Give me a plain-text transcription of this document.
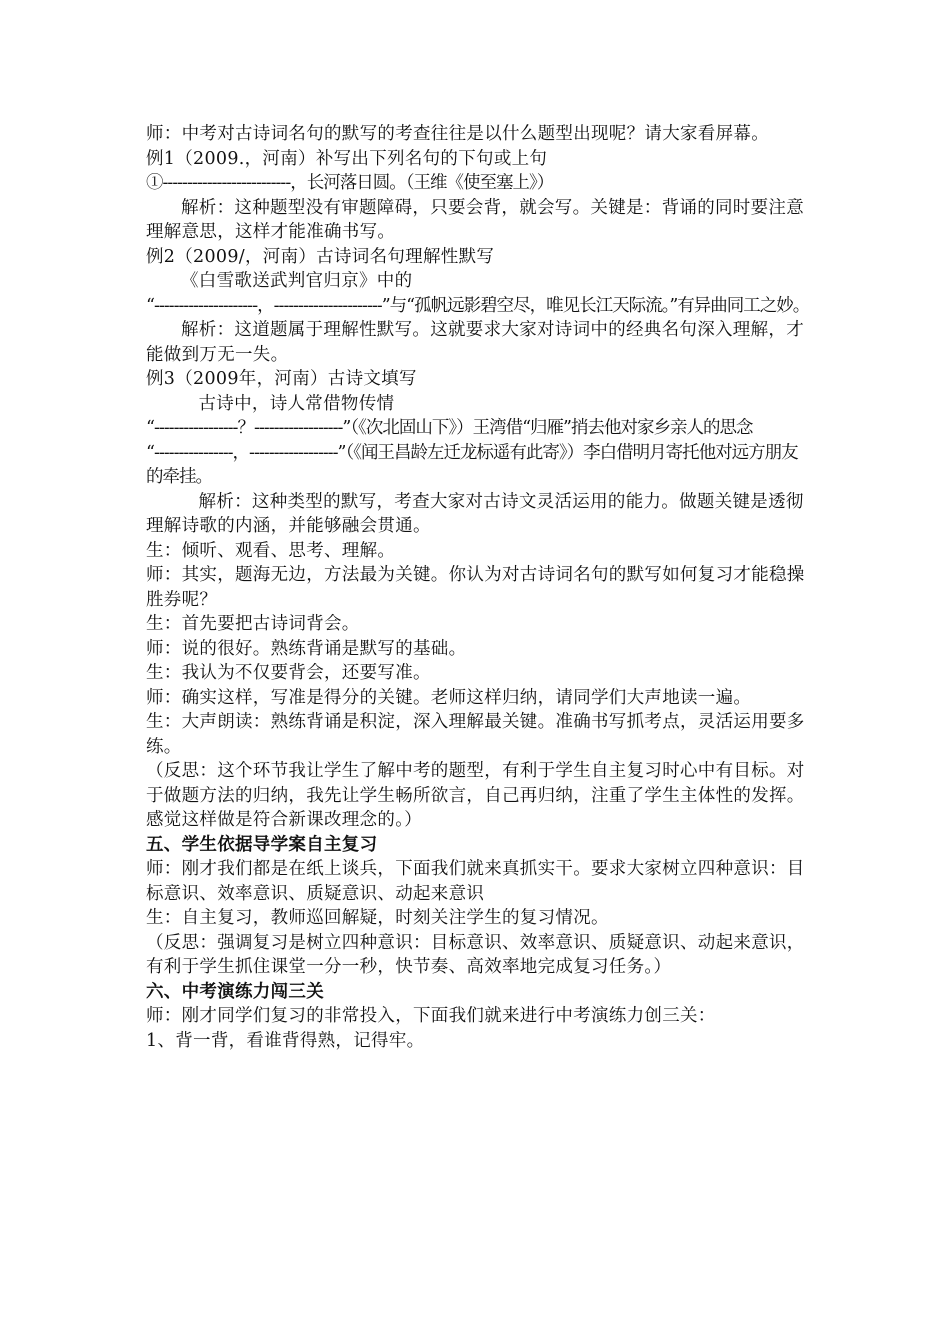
师：中考对古诗词名句的默写的考查往往是以什么题型出现呢？请大家看屏幕。

例1（2009.，河南）补写出下列名句的下句或上句

①--------------------------，长河落日圆。（王维《使至塞上》）

解析：这种题型没有审题障碍，只要会背，就会写。关键是：背诵的同时要注意理解意思，这样才能准确书写。

例2（2009/，河南）古诗词名句理解性默写

《白雪歌送武判官归京》中的

“---------------------，----------------------”与“孤帆远影碧空尽，唯见长江天际流。”有异曲同工之妙。

解析：这道题属于理解性默写。这就要求大家对诗词中的经典名句深入理解，才能做到万无一失。

例3（2009年，河南）古诗文填写

古诗中，诗人常借物传情

“-----------------？------------------”（《次北固山下》）王湾借“归雁”捎去他对家乡亲人的思念

“----------------，------------------”（《闻王昌龄左迁龙标遥有此寄》）李白借明月寄托他对远方朋友的牵挂。

解析：这种类型的默写，考查大家对古诗文灵活运用的能力。做题关键是透彻理解诗歌的内涵，并能够融会贯通。

生：倾听、观看、思考、理解。

师：其实，题海无边，方法最为关键。你认为对古诗词名句的默写如何复习才能稳操胜券呢？

生：首先要把古诗词背会。

师：说的很好。熟练背诵是默写的基础。

生：我认为不仅要背会，还要写准。

师：确实这样，写准是得分的关键。老师这样归纳，请同学们大声地读一遍。

生：大声朗读：熟练背诵是积淀，深入理解最关键。准确书写抓考点，灵活运用要多练。

（反思：这个环节我让学生了解中考的题型，有利于学生自主复习时心中有目标。对于做题方法的归纳，我先让学生畅所欲言，自己再归纳，注重了学生主体性的发挥。感觉这样做是符合新课改理念的。）

五、学生依据导学案自主复习

师：刚才我们都是在纸上谈兵，下面我们就来真抓实干。要求大家树立四种意识：目标意识、效率意识、质疑意识、动起来意识

生：自主复习，教师巡回解疑，时刻关注学生的复习情况。

（反思：强调复习是树立四种意识：目标意识、效率意识、质疑意识、动起来意识，有利于学生抓住课堂一分一秒，快节奏、高效率地完成复习任务。）

六、中考演练力闯三关

师：刚才同学们复习的非常投入，下面我们就来进行中考演练力创三关：

1、背一背，看谁背得熟，记得牢。
